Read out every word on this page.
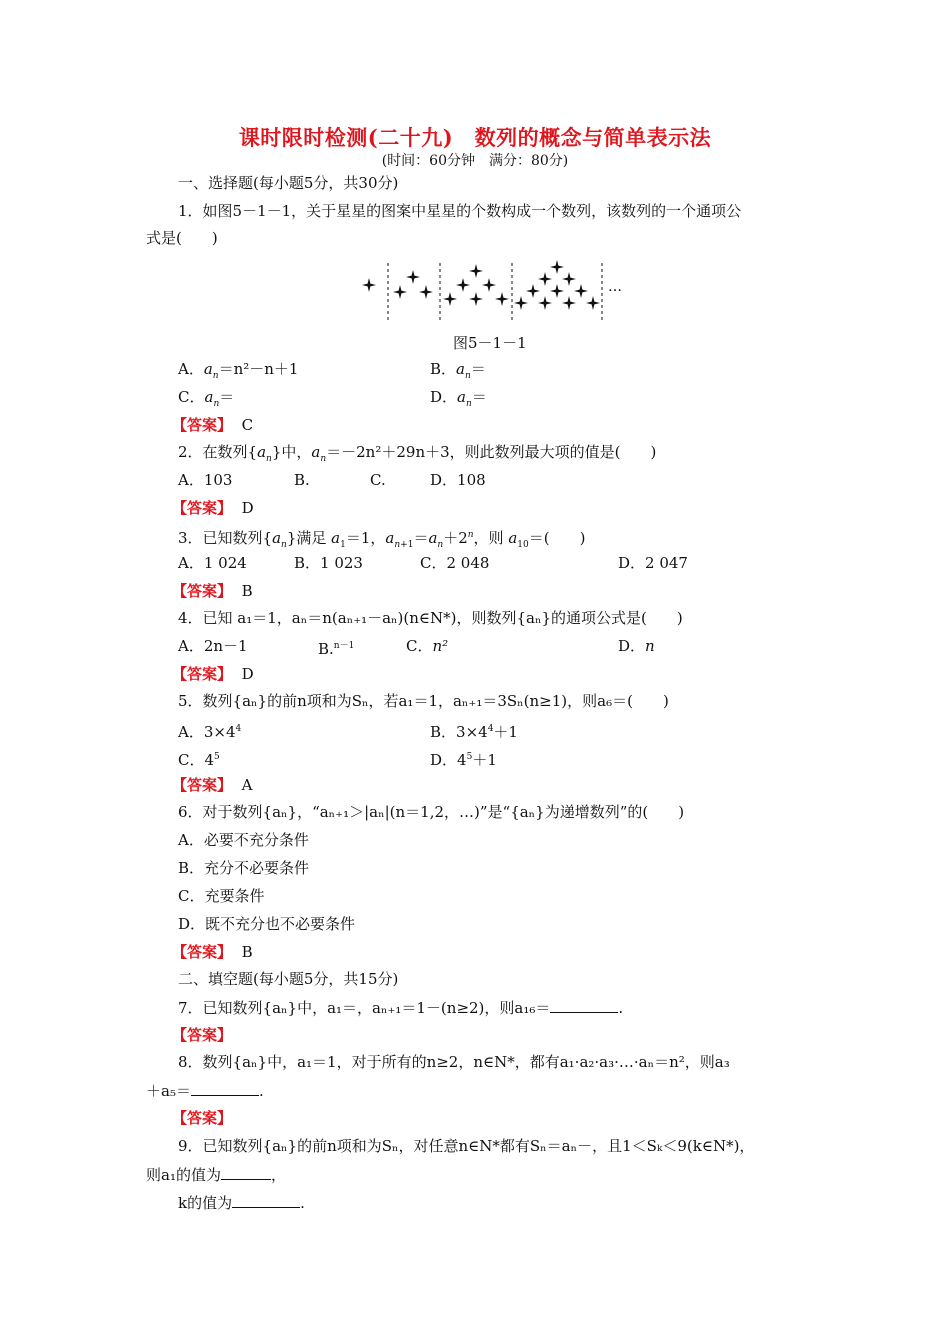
课时限时检测(二十九)　数列的概念与简单表示法
(时间：60分钟　满分：80分)
一、选择题(每小题5分，共30分)
1．如图5－1－1，关于星星的图案中星星的个数构成一个数列，该数列的一个通项公
式是(　　)
…
图5－1－1
A．$a_n=n^2-n+1$	B．$a_n=$
C．$a_n=$	D．$a_n=$
【答案】 C
2．在数列$\{a_n\}$中，$a_n=-2n^2+29n+3$，则此数列最大项的值是(　　)
A．103	B.	C.	D．108
【答案】 D
3．已知数列$\{a_n\}$满足 $a_1=1$，$a_{n+1}=a_n+2^n$，则 $a_{10}=$(　　)
A．1 024	B．1 023	C．2 048	D．2 047
【答案】 B
4．已知 a₁＝1，aₙ＝n(aₙ₊₁－aₙ)(n∈N*)，则数列{aₙ}的通项公式是(　　)
A．2n－1	B.$^{n-1}$	C．n²	D．n
【答案】 D
5．数列{aₙ}的前n项和为Sₙ，若a₁＝1，aₙ₊₁＝3Sₙ(n≥1)，则a₆＝(　　)
A．$3\times 4^4$	B．$3\times 4^4+1$
C．$4^5$	D．$4^5+1$
【答案】 A
6．对于数列{aₙ}，“aₙ₊₁＞|aₙ|(n＝1,2，…)”是“{aₙ}为递增数列”的(　　)
A．必要不充分条件
B．充分不必要条件
C．充要条件
D．既不充分也不必要条件
【答案】 B
二、填空题(每小题5分，共15分)
7．已知数列{aₙ}中，a₁＝，aₙ₊₁＝1－(n≥2)，则a₁₆＝	.
【答案】
8．数列{aₙ}中，a₁＝1，对于所有的n≥2，n∈N*，都有a₁·a₂·a₃·…·aₙ＝n²，则a₃
＋a₅＝	.
【答案】
9．已知数列{aₙ}的前n项和为Sₙ，对任意n∈N*都有Sₙ＝aₙ－，且1＜Sₖ＜9(k∈N*)，
则a₁的值为	，
k的值为	.
